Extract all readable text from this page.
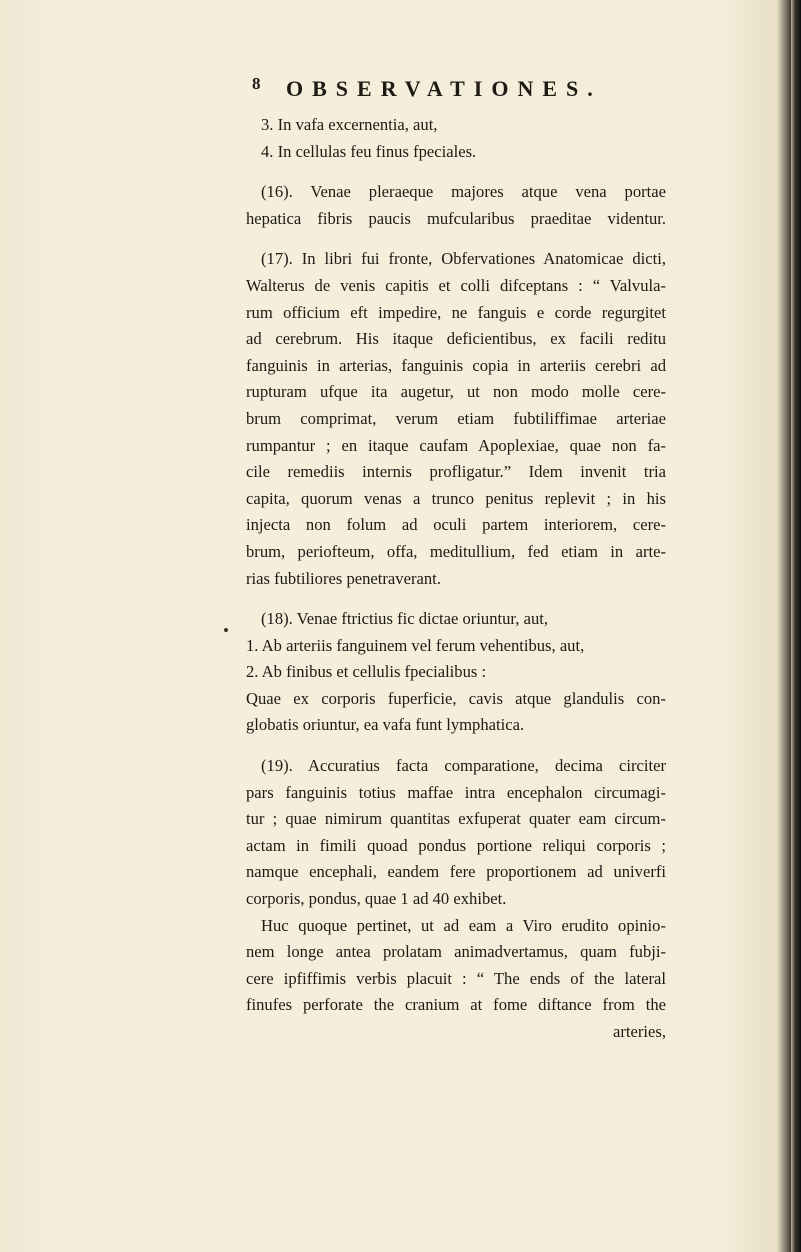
8	OBSERVATIONES.
3. In vafa excernentia, aut,
4. In cellulas feu finus fpeciales.
(16). Venae pleraeque majores atque vena portae
hepatica fibris paucis mufcularibus praeditae videntur.
(17). In libri fui fronte, Obfervationes Anatomicae dicti,
Walterus de venis capitis et colli difceptans : “ Valvula-
rum officium eft impedire, ne fanguis e corde regurgitet
ad cerebrum. His itaque deficientibus, ex facili reditu
fanguinis in arterias, fanguinis copia in arteriis cerebri ad
rupturam ufque ita augetur, ut non modo molle cere-
brum comprimat, verum etiam fubtiliffimae arteriae
rumpantur ; en itaque caufam Apoplexiae, quae non fa-
cile remediis internis profligatur.” Idem invenit tria
capita, quorum venas a trunco penitus replevit ; in his
injecta non folum ad oculi partem interiorem, cere-
brum, periofteum, offa, meditullium, fed etiam in arte-
rias fubtiliores penetraverant.
(18). Venae ftrictius fic dictae oriuntur, aut,
1. Ab arteriis fanguinem vel ferum vehentibus, aut,
2. Ab finibus et cellulis fpecialibus :
Quae ex corporis fuperficie, cavis atque glandulis con-
globatis oriuntur, ea vafa funt lymphatica.
(19). Accuratius facta comparatione, decima circiter
pars fanguinis totius maffae intra encephalon circumagi-
tur ; quae nimirum quantitas exfuperat quater eam circum-
actam in fimili quoad pondus portione reliqui corporis ;
namque encephali, eandem fere proportionem ad univerfi
corporis, pondus, quae 1 ad 40 exhibet.
Huc quoque pertinet, ut ad eam a Viro erudito opinio-
nem longe antea prolatam animadvertamus, quam fubji-
cere ipfiffimis verbis placuit : “ The ends of the lateral
finufes perforate the cranium at fome diftance from the
arteries,
